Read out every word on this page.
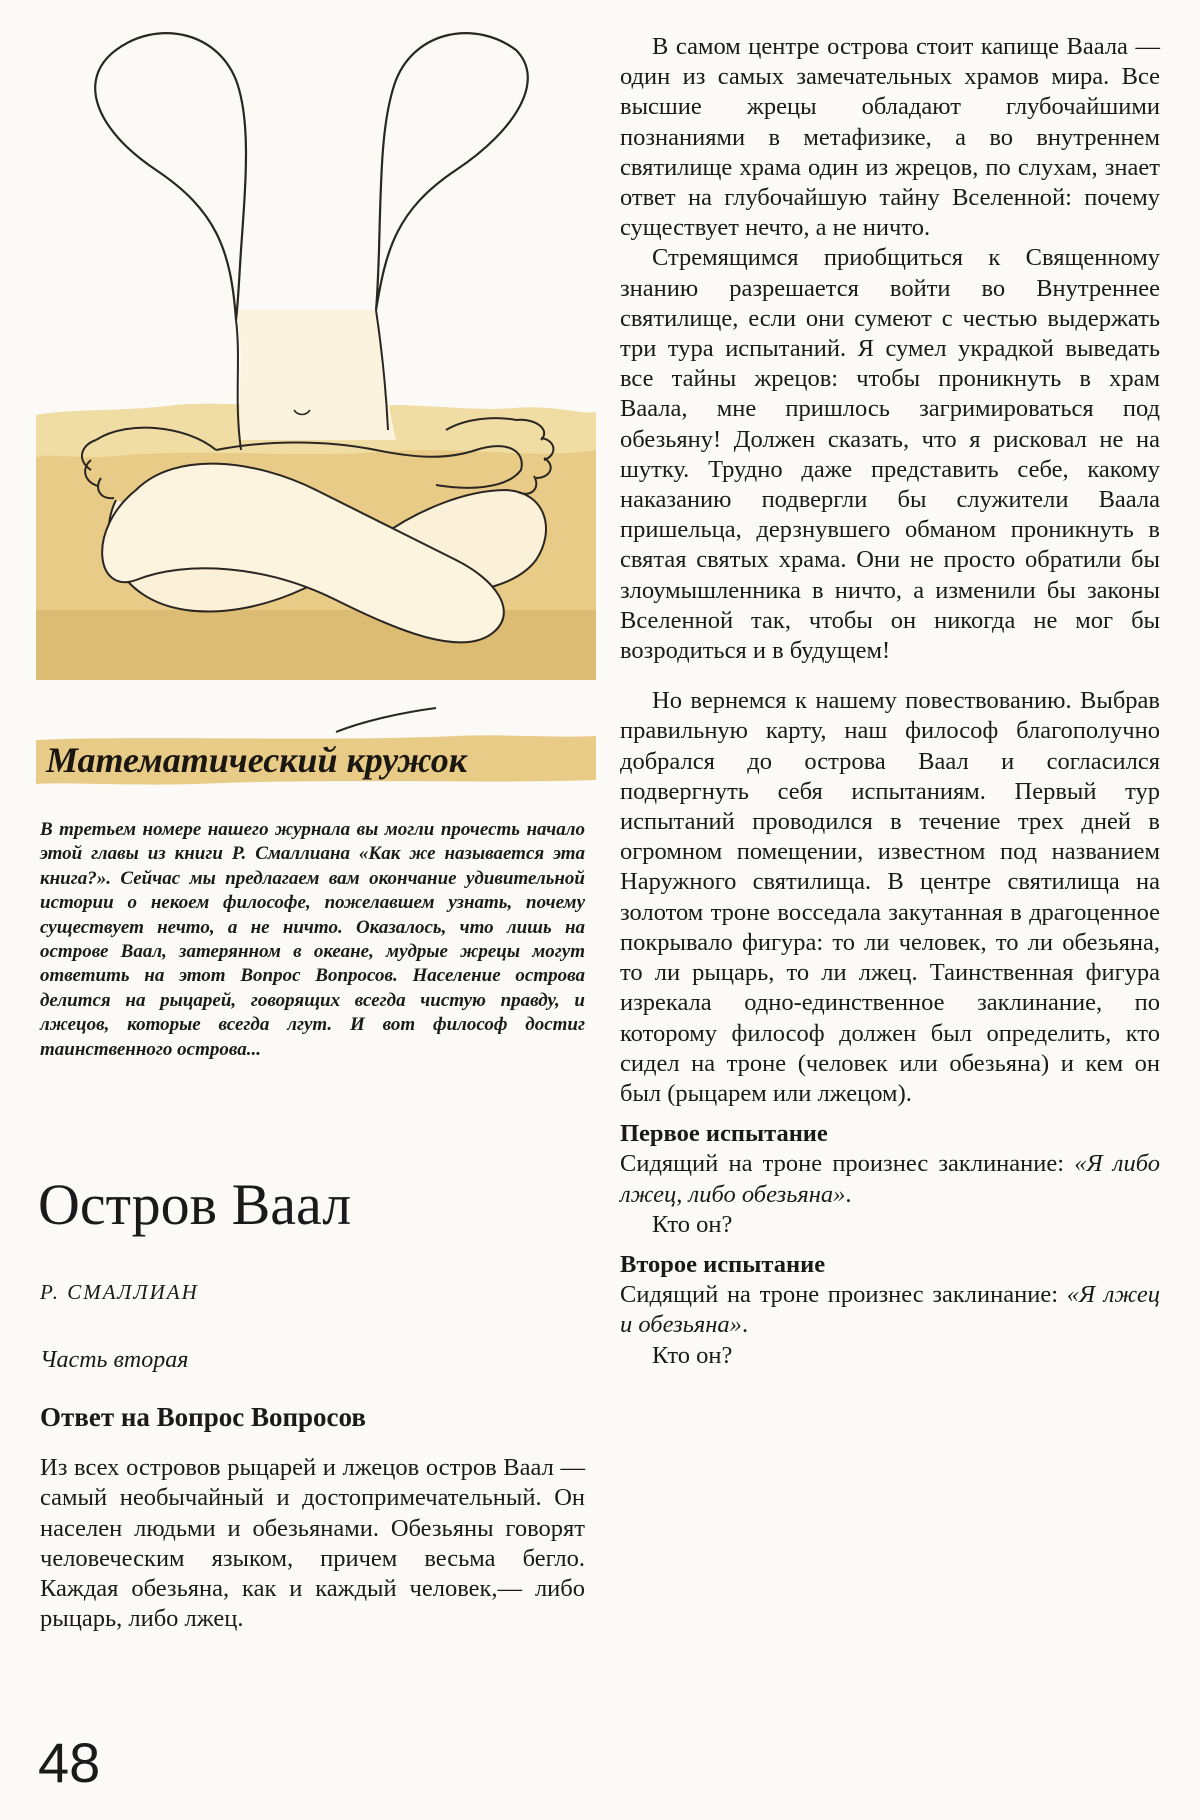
Математический кружок
В третьем номере нашего журнала вы могли прочесть начало этой главы из книги Р. Смаллиана «Как же называется эта книга?». Сейчас мы предлагаем вам окончание удивительной истории о некоем философе, пожелавшем узнать, почему существует нечто, а не ничто. Оказалось, что лишь на острове Ваал, затерянном в океане, мудрые жрецы могут ответить на этот Вопрос Вопросов. Население острова делится на рыцарей, говорящих всегда чистую правду, и лжецов, которые всегда лгут. И вот философ достиг таинственного острова...
Остров Ваал
Р. СМАЛЛИАН
Часть вторая
Ответ на Вопрос Вопросов

Из всех островов рыцарей и лжецов остров Ваал — самый необычайный и достопримечательный. Он населен людьми и обезьянами. Обезьяны говорят человеческим языком, причем весьма бегло. Каждая обезьяна, как и каждый человек,— либо рыцарь, либо лжец.

В самом центре острова стоит капище Ваала — один из самых замечательных храмов мира. Все высшие жрецы обладают глубочайшими познаниями в метафизике, а во внутреннем святилище храма один из жрецов, по слухам, знает ответ на глубочайшую тайну Вселенной: почему существует нечто, а не ничто.

Стремящимся приобщиться к Священному знанию разрешается войти во Внутреннее святилище, если они сумеют с честью выдержать три тура испытаний. Я сумел украдкой выведать все тайны жрецов: чтобы проникнуть в храм Ваала, мне пришлось загримироваться под обезьяну! Должен сказать, что я рисковал не на шутку. Трудно даже представить себе, какому наказанию подвергли бы служители Ваала пришельца, дерзнувшего обманом проникнуть в святая святых храма. Они не просто обратили бы злоумышленника в ничто, а изменили бы законы Вселенной так, чтобы он никогда не мог бы возродиться и в будущем!

Но вернемся к нашему повествованию. Выбрав правильную карту, наш философ благополучно добрался до острова Ваал и согласился подвергнуть себя испытаниям. Первый тур испытаний проводился в течение трех дней в огромном помещении, известном под названием Наружного святилища. В центре святилища на золотом троне восседала закутанная в драгоценное покрывало фигура: то ли человек, то ли обезьяна, то ли рыцарь, то ли лжец. Таинственная фигура изрекала одно-единственное заклинание, по которому философ должен был определить, кто сидел на троне (человек или обезьяна) и кем он был (рыцарем или лжецом).

Первое испытание

Сидящий на троне произнес заклинание: «Я либо лжец, либо обезьяна».

Кто он?

Второе испытание

Сидящий на троне произнес заклинание: «Я лжец и обезьяна».

Кто он?

48
